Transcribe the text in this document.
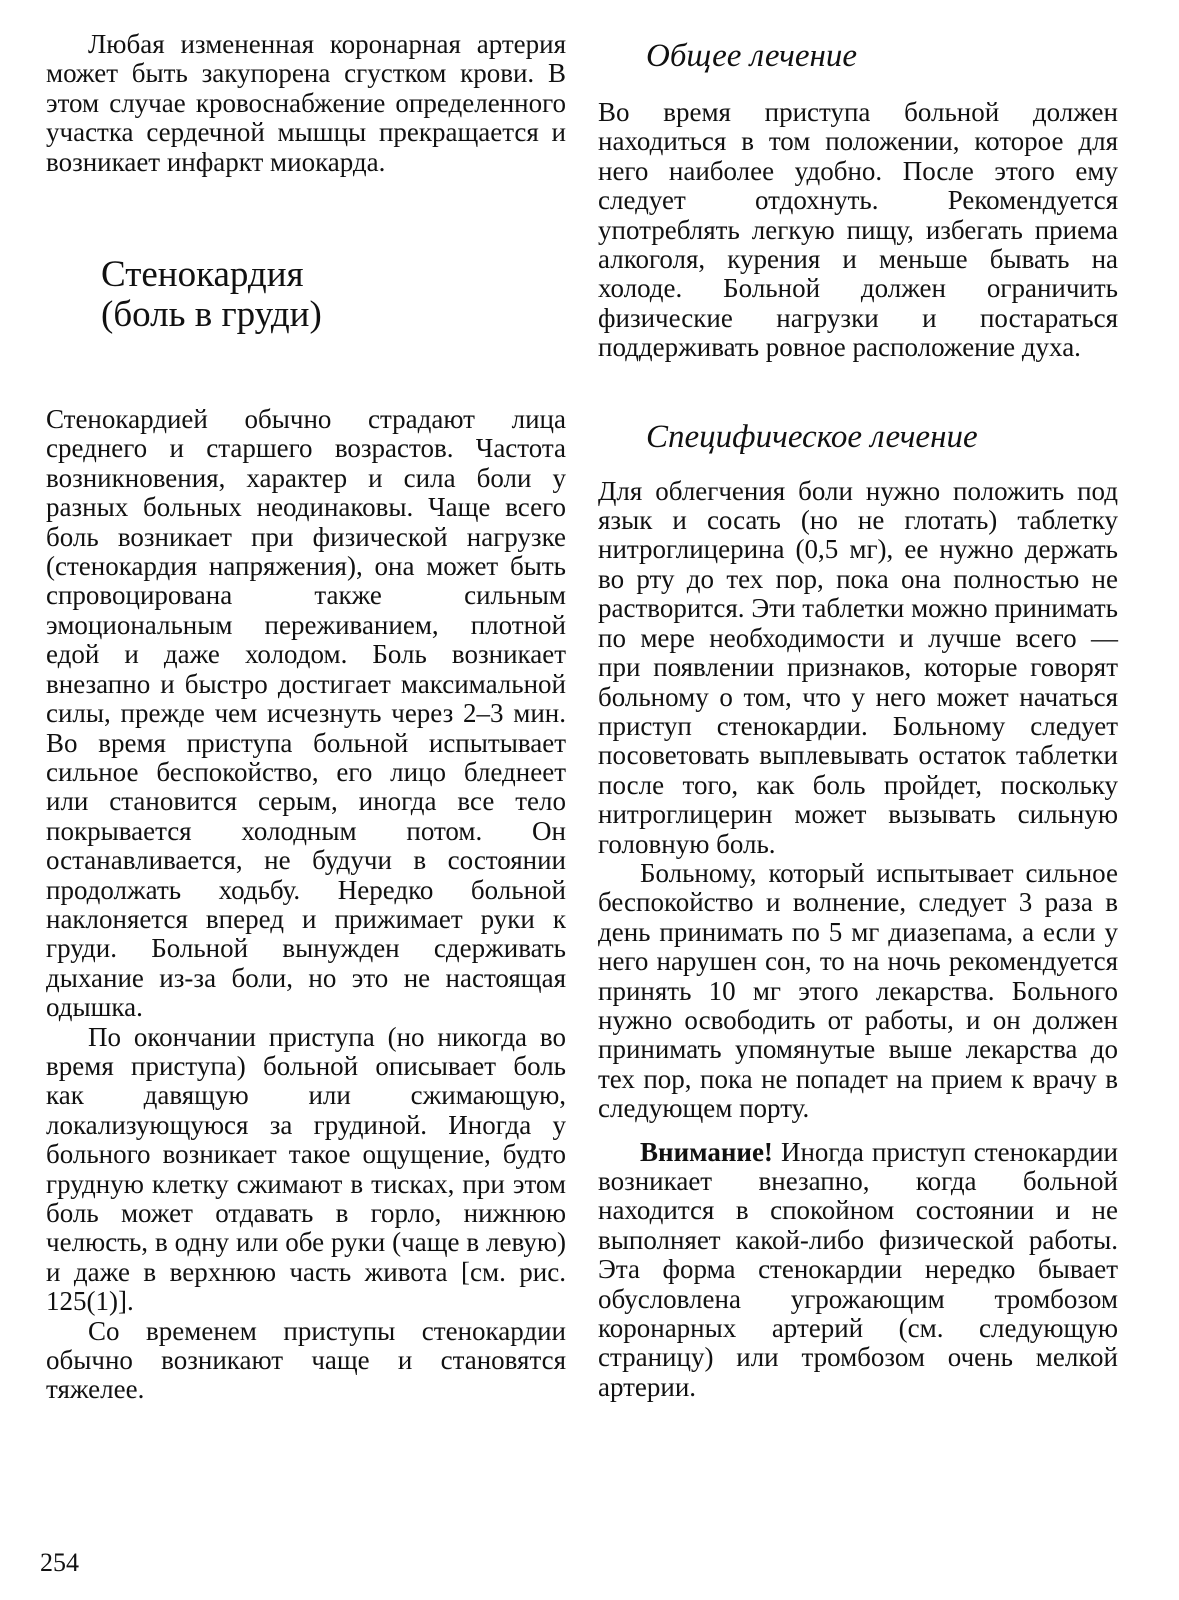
Любая измененная коронарная артерия может быть закупорена сгустком крови. В этом случае кровоснабжение определенного участка сердечной мышцы прекращается и возникает инфаркт миокарда.

Стенокардия
(боль в груди)

Стенокардией обычно страдают лица среднего и старшего возрастов. Частота возникновения, характер и сила боли у разных больных неодинаковы. Чаще всего боль возникает при физической нагрузке (стенокардия напряжения), она может быть спровоцирована также сильным эмоциональным переживанием, плотной едой и даже холодом. Боль возникает внезапно и быстро достигает максимальной силы, прежде чем исчезнуть через 2–3 мин. Во время приступа больной испытывает сильное беспокойство, его лицо бледнеет или становится серым, иногда все тело покрывается холодным потом. Он останавливается, не будучи в состоянии продолжать ходьбу. Нередко больной наклоняется вперед и прижимает руки к груди. Больной вынужден сдерживать дыхание из-за боли, но это не настоящая одышка.

По окончании приступа (но никогда во время приступа) больной описывает боль как давящую или сжимающую, локализующуюся за грудиной. Иногда у больного возникает такое ощущение, будто грудную клетку сжимают в тисках, при этом боль может отдавать в горло, нижнюю челюсть, в одну или обе руки (чаще в левую) и даже в верхнюю часть живота [см. рис. 125(1)].

Со временем приступы стенокардии обычно возникают чаще и становятся тяжелее.

Общее лечение

Во время приступа больной должен находиться в том положении, которое для него наиболее удобно. После этого ему следует отдохнуть. Рекомендуется употреблять легкую пищу, избегать приема алкоголя, курения и меньше бывать на холоде. Больной должен ограничить физические нагрузки и постараться поддерживать ровное расположение духа.

Специфическое лечение

Для облегчения боли нужно положить под язык и сосать (но не глотать) таблетку нитроглицерина (0,5 мг), ее нужно держать во рту до тех пор, пока она полностью не растворится. Эти таблетки можно принимать по мере необходимости и лучше всего — при появлении признаков, которые говорят больному о том, что у него может начаться приступ стенокардии. Больному следует посоветовать выплевывать остаток таблетки после того, как боль пройдет, поскольку нитроглицерин может вызывать сильную головную боль.

Больному, который испытывает сильное беспокойство и волнение, следует 3 раза в день принимать по 5 мг диазепама, а если у него нарушен сон, то на ночь рекомендуется принять 10 мг этого лекарства. Больного нужно освободить от работы, и он должен принимать упомянутые выше лекарства до тех пор, пока не попадет на прием к врачу в следующем порту.

Внимание! Иногда приступ стенокардии возникает внезапно, когда больной находится в спокойном состоянии и не выполняет какой-либо физической работы. Эта форма стенокардии нередко бывает обусловлена угрожающим тромбозом коронарных артерий (см. следующую страницу) или тромбозом очень мелкой артерии.

254
